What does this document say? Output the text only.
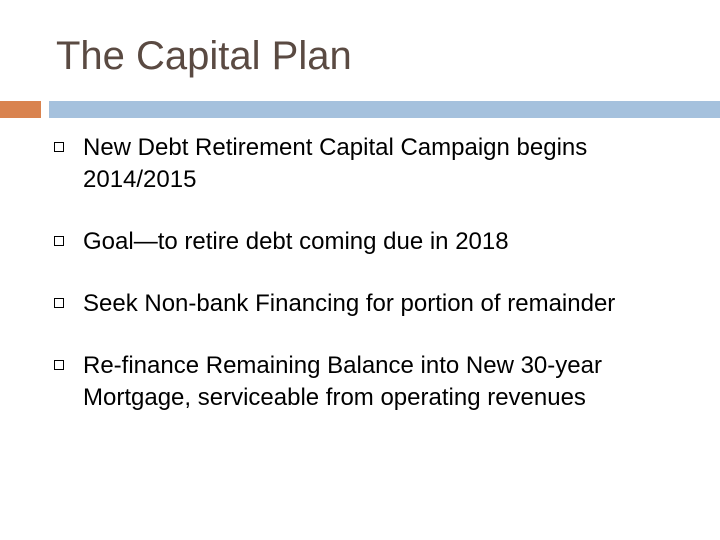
The Capital Plan
New Debt Retirement Capital Campaign begins 2014/2015
Goal—to retire debt coming due in 2018
Seek Non-bank Financing for portion of remainder
Re-finance Remaining Balance into New 30-year Mortgage, serviceable from operating revenues
